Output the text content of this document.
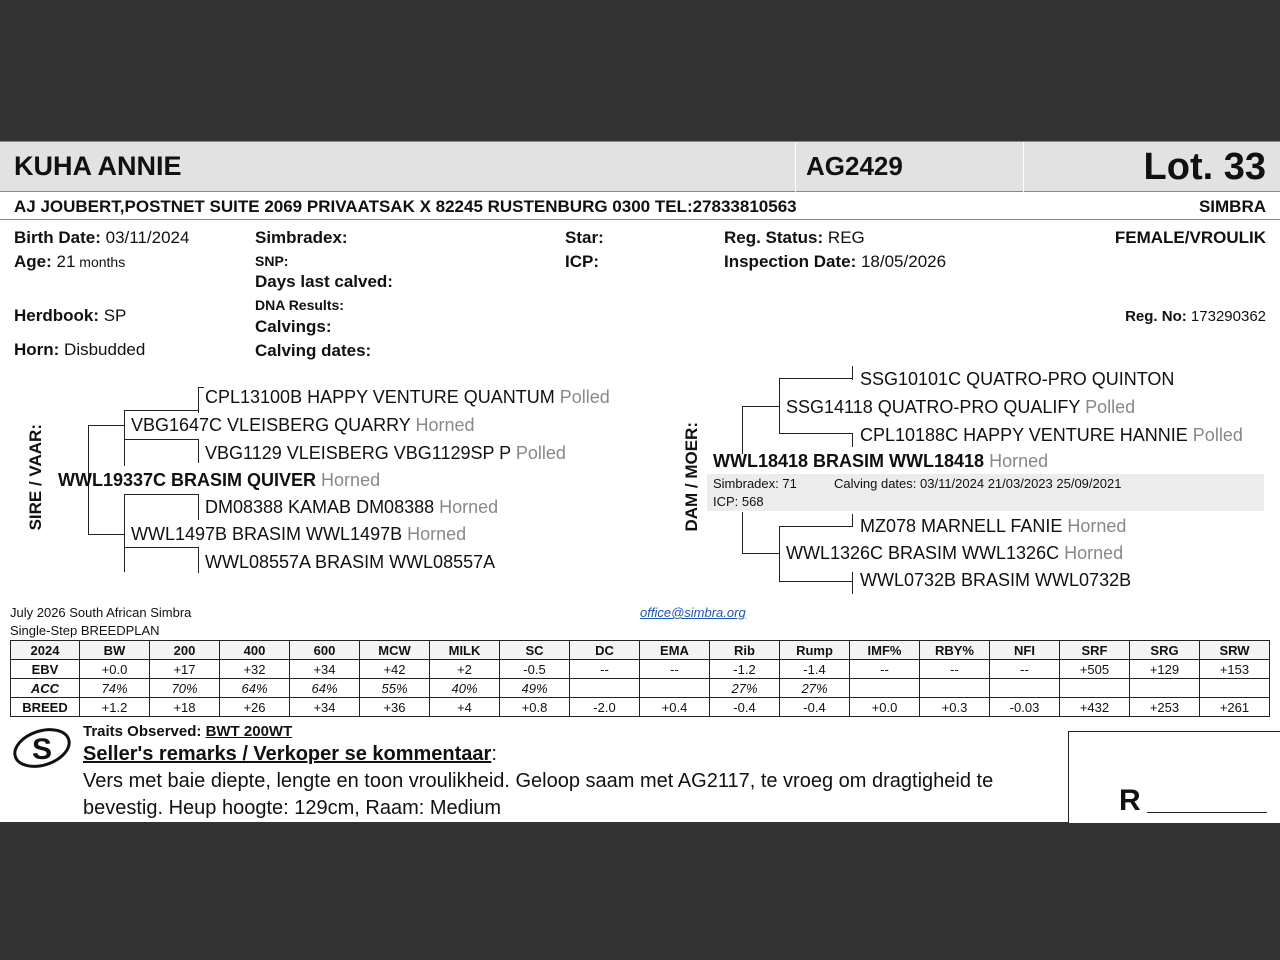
KUHA ANNIE	AG2429	Lot. 33
AJ JOUBERT,POSTNET SUITE 2069 PRIVAATSAK X 82245 RUSTENBURG 0300 TEL:27833810563	SIMBRA
Birth Date: 03/11/2024
Age: 21 months
Herdbook: SP
Horn: Disbudded
Simbradex:
SNP:
Days last calved:
DNA Results:
Calvings:
Calving dates:
Star:
ICP:
Reg. Status: REG
Inspection Date: 18/05/2026
FEMALE/VROULIK
Reg. No: 173290362
SIRE / VAAR:
CPL13100B HAPPY VENTURE QUANTUM Polled
VBG1647C VLEISBERG QUARRY Horned
VBG1129 VLEISBERG VBG1129SP P Polled
WWL19337C BRASIM QUIVER Horned
DM08388 KAMAB DM08388 Horned
WWL1497B BRASIM WWL1497B Horned
WWL08557A BRASIM WWL08557A
DAM / MOER:
SSG10101C QUATRO-PRO QUINTON
SSG14118 QUATRO-PRO QUALIFY Polled
CPL10188C HAPPY VENTURE HANNIE Polled
WWL18418 BRASIM WWL18418 Horned
Simbradex: 71	Calving dates: 03/11/2024 21/03/2023 25/09/2021
ICP: 568
MZ078 MARNELL FANIE Horned
WWL1326C BRASIM WWL1326C Horned
WWL0732B BRASIM WWL0732B
July 2026 South African Simbra
Single-Step BREEDPLAN
office@simbra.org
2024	BW	200	400	600	MCW	MILK	SC	DC	EMA	Rib	Rump	IMF%	RBY%	NFI	SRF	SRG	SRW
EBV	+0.0	+17	+32	+34	+42	+2	-0.5	--	--	-1.2	-1.4	--	--	--	+505	+129	+153
ACC	74%	70%	64%	64%	55%	40%	49%			27%	27%						
BREED	+1.2	+18	+26	+34	+36	+4	+0.8	-2.0	+0.4	-0.4	-0.4	+0.0	+0.3	-0.03	+432	+253	+261
S
Traits Observed: BWT 200WT
Seller's remarks / Verkoper se kommentaar:
Vers met baie diepte, lengte en toon vroulikheid. Geloop saam met AG2117, te vroeg om dragtigheid te
bevestig. Heup hoogte: 129cm, Raam: Medium	R
